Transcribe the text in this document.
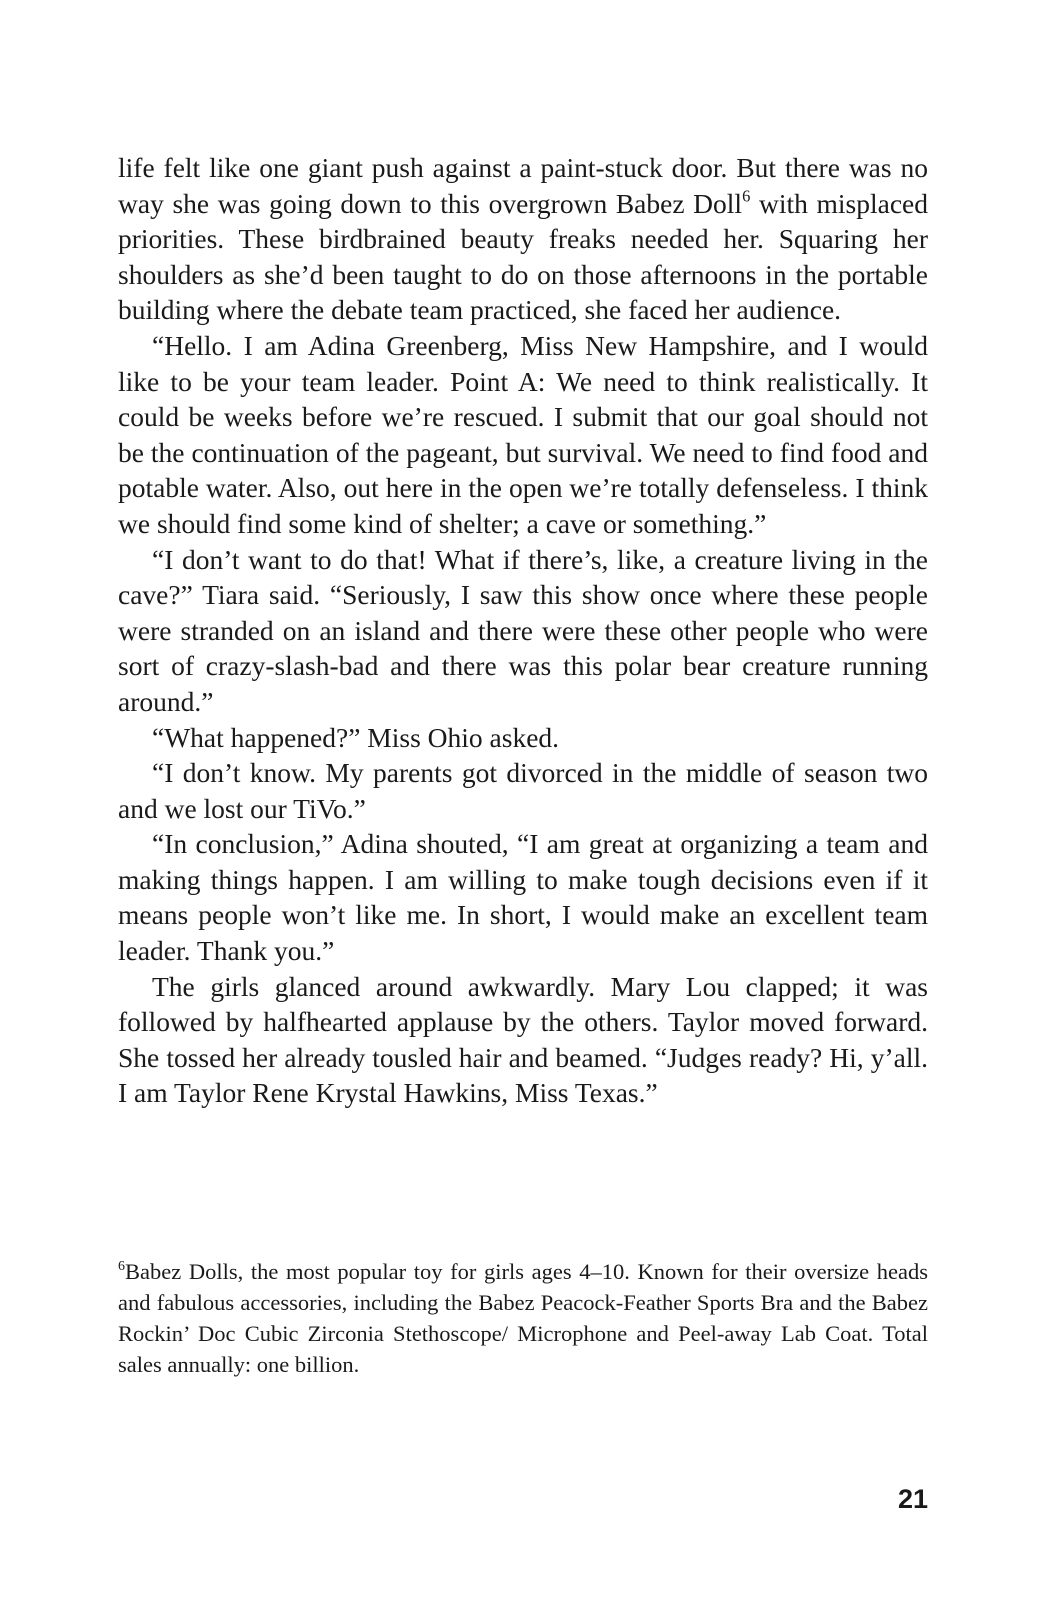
life felt like one giant push against a paint-stuck door. But there was no way she was going down to this overgrown Babez Doll$^6$ with misplaced priorities. These birdbrained beauty freaks needed her. Squaring her shoulders as she’d been taught to do on those afternoons in the portable building where the debate team practiced, she faced her audience.

“Hello. I am Adina Greenberg, Miss New Hampshire, and I would like to be your team leader. Point A: We need to think realistically. It could be weeks before we’re rescued. I submit that our goal should not be the continuation of the pageant, but survival. We need to find food and potable water. Also, out here in the open we’re totally defenseless. I think we should find some kind of shelter; a cave or something.”

“I don’t want to do that! What if there’s, like, a creature living in the cave?” Tiara said. “Seriously, I saw this show once where these people were stranded on an island and there were these other people who were sort of crazy-slash-bad and there was this polar bear creature running around.”

“What happened?” Miss Ohio asked.

“I don’t know. My parents got divorced in the middle of season two and we lost our TiVo.”

“In conclusion,” Adina shouted, “I am great at organizing a team and making things happen. I am willing to make tough decisions even if it means people won’t like me. In short, I would make an excellent team leader. Thank you.”

The girls glanced around awkwardly. Mary Lou clapped; it was followed by halfhearted applause by the others. Taylor moved forward. She tossed her already tousled hair and beamed. “Judges ready? Hi, y’all. I am Taylor Rene Krystal Hawkins, Miss Texas.”

$^6$Babez Dolls, the most popular toy for girls ages 4–10. Known for their oversize heads and fabulous accessories, including the Babez Peacock-Feather Sports Bra and the Babez Rockin’ Doc Cubic Zirconia Stethoscope/ Microphone and Peel-away Lab Coat. Total sales annually: one billion.

21
